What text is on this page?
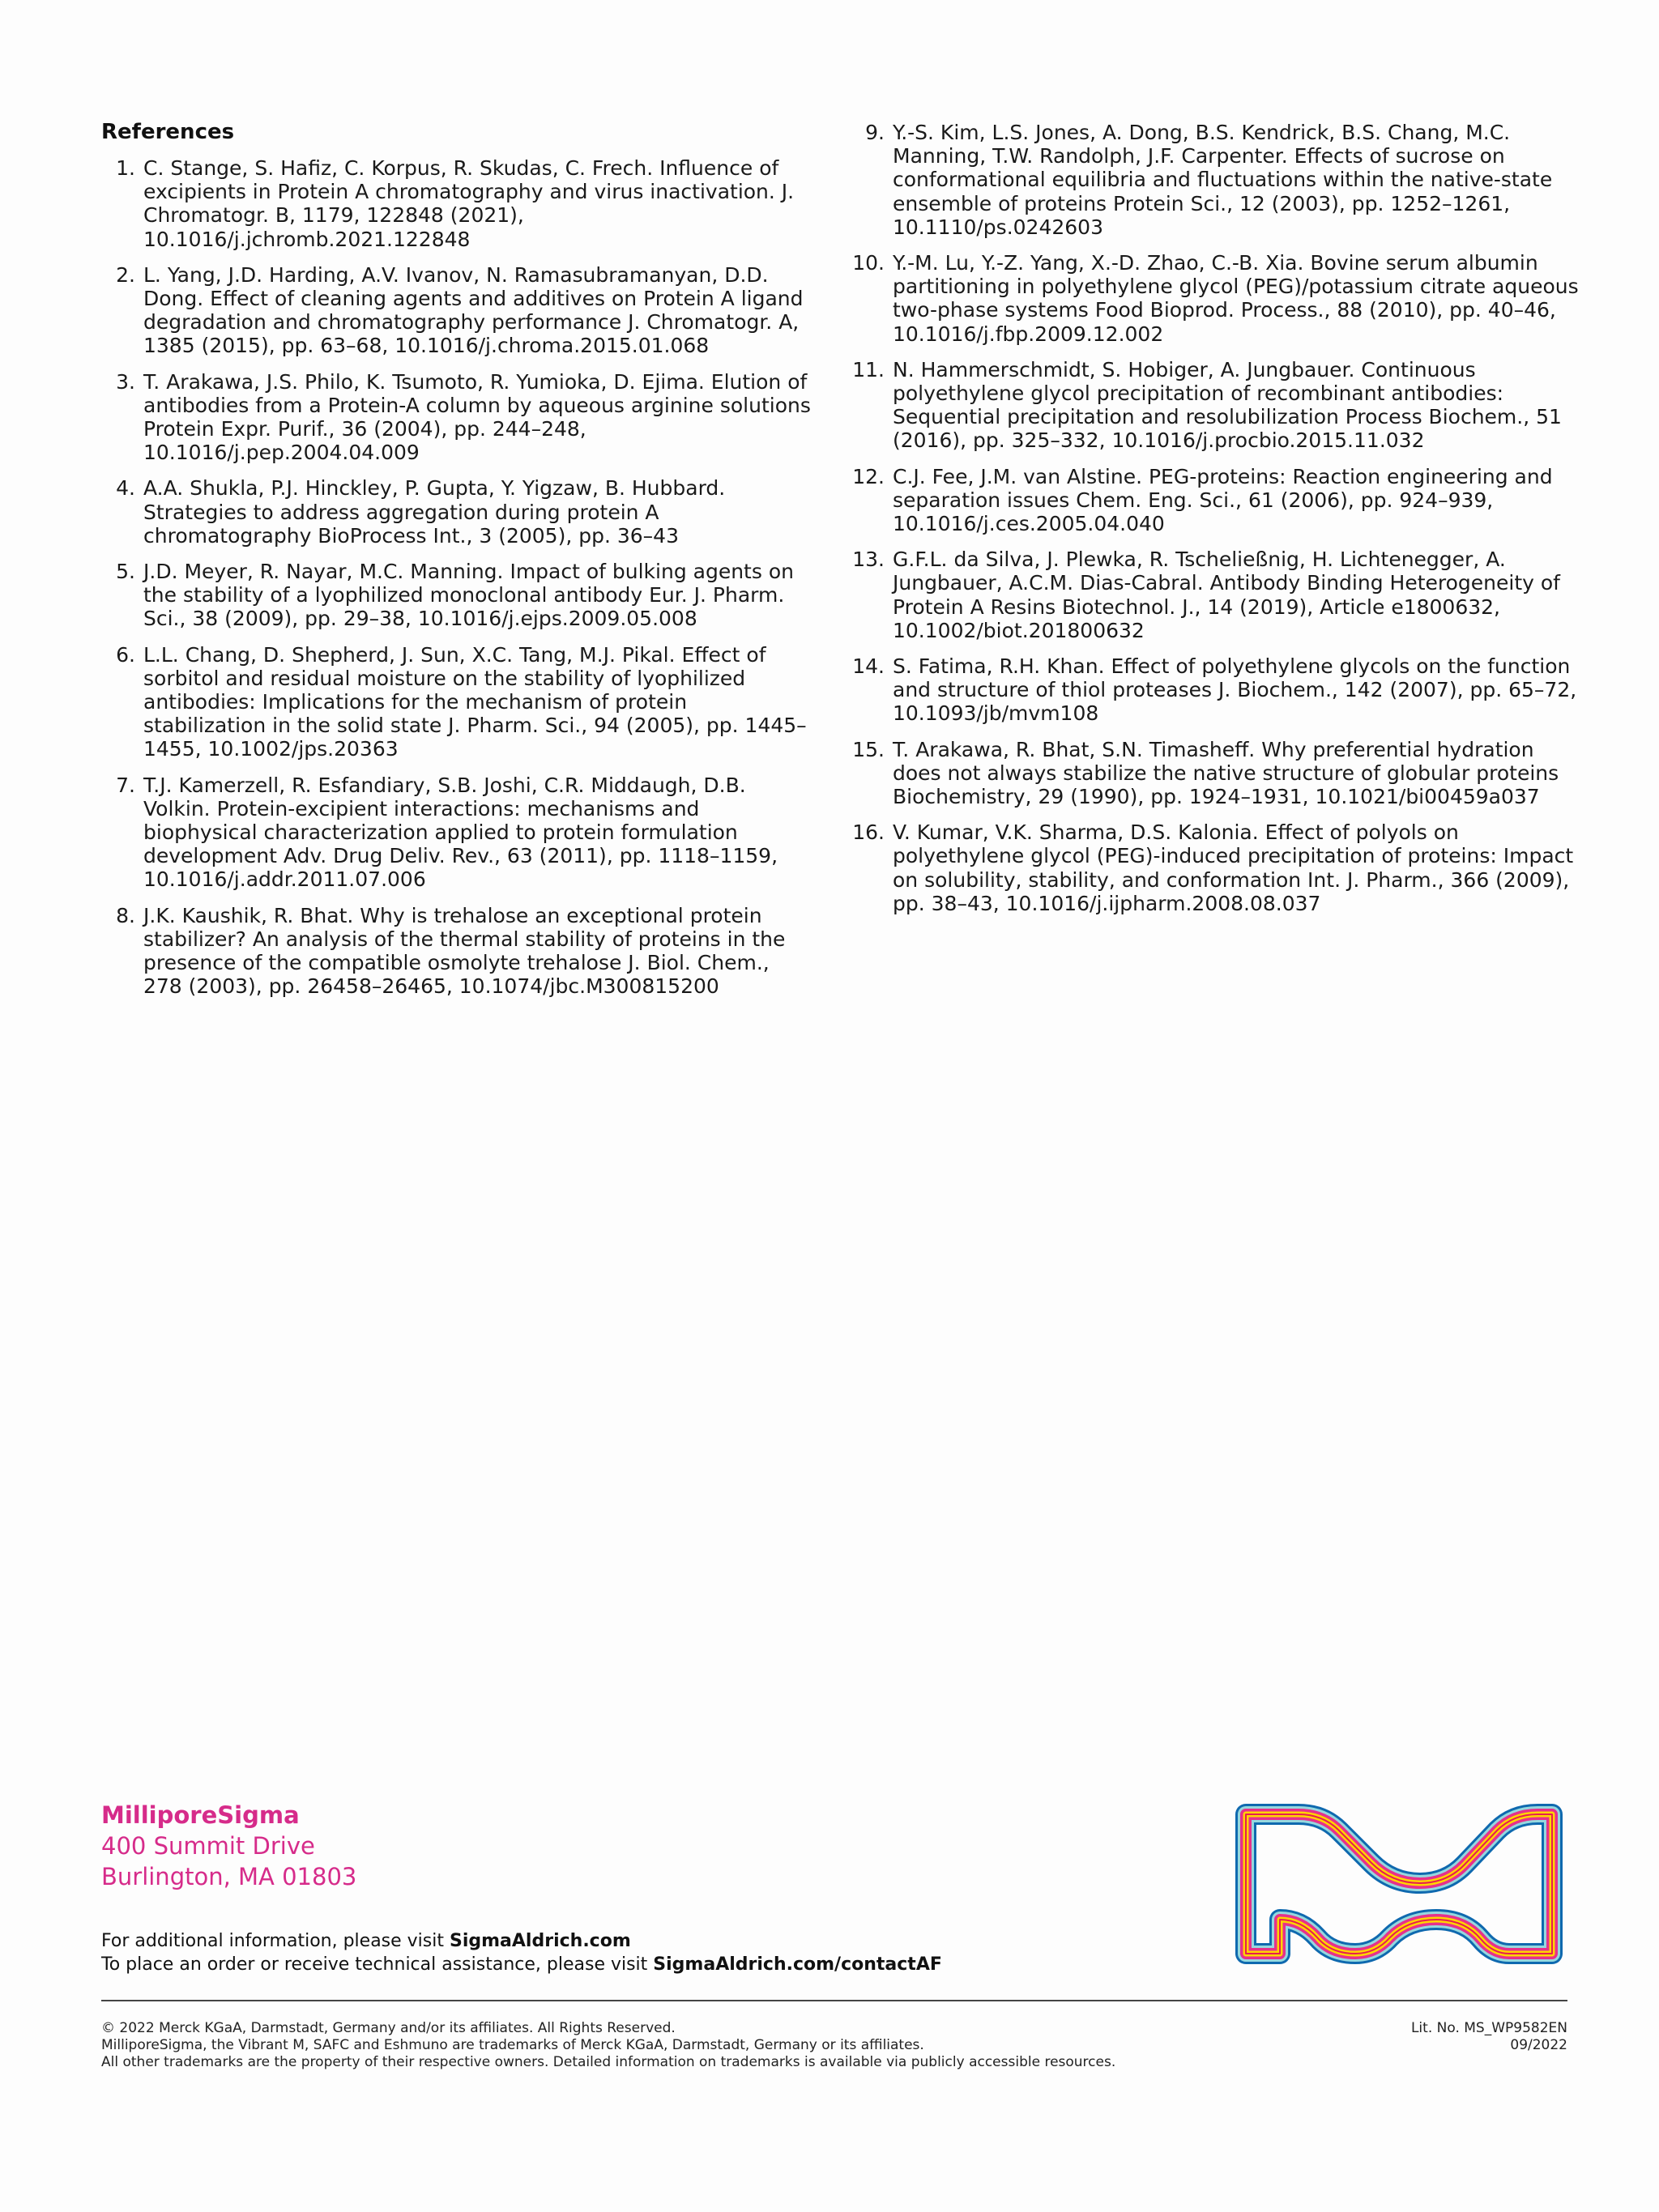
References
1. C. Stange, S. Hafiz, C. Korpus, R. Skudas, C. Frech. Influence of excipients in Protein A chromatography and virus inactivation. J. Chromatogr. B, 1179, 122848 (2021), 10.1016/j.jchromb.2021.122848
2. L. Yang, J.D. Harding, A.V. Ivanov, N. Ramasubramanyan, D.D. Dong. Effect of cleaning agents and additives on Protein A ligand degradation and chromatography performance J. Chromatogr. A, 1385 (2015), pp. 63–68, 10.1016/j.chroma.2015.01.068
3. T. Arakawa, J.S. Philo, K. Tsumoto, R. Yumioka, D. Ejima. Elution of antibodies from a Protein-A column by aqueous arginine solutions Protein Expr. Purif., 36 (2004), pp. 244–248, 10.1016/j.pep.2004.04.009
4. A.A. Shukla, P.J. Hinckley, P. Gupta, Y. Yigzaw, B. Hubbard. Strategies to address aggregation during protein A chromatography BioProcess Int., 3 (2005), pp. 36–43
5. J.D. Meyer, R. Nayar, M.C. Manning. Impact of bulking agents on the stability of a lyophilized monoclonal antibody Eur. J. Pharm. Sci., 38 (2009), pp. 29–38, 10.1016/j.ejps.2009.05.008
6. L.L. Chang, D. Shepherd, J. Sun, X.C. Tang, M.J. Pikal. Effect of sorbitol and residual moisture on the stability of lyophilized antibodies: Implications for the mechanism of protein stabilization in the solid state J. Pharm. Sci., 94 (2005), pp. 1445–1455, 10.1002/jps.20363
7. T.J. Kamerzell, R. Esfandiary, S.B. Joshi, C.R. Middaugh, D.B. Volkin. Protein-excipient interactions: mechanisms and biophysical characterization applied to protein formulation development Adv. Drug Deliv. Rev., 63 (2011), pp. 1118–1159, 10.1016/j.addr.2011.07.006
8. J.K. Kaushik, R. Bhat. Why is trehalose an exceptional protein stabilizer? An analysis of the thermal stability of proteins in the presence of the compatible osmolyte trehalose J. Biol. Chem., 278 (2003), pp. 26458–26465, 10.1074/jbc.M300815200
9. Y.-S. Kim, L.S. Jones, A. Dong, B.S. Kendrick, B.S. Chang, M.C. Manning, T.W. Randolph, J.F. Carpenter. Effects of sucrose on conformational equilibria and fluctuations within the native-state ensemble of proteins Protein Sci., 12 (2003), pp. 1252–1261, 10.1110/ps.0242603
10. Y.-M. Lu, Y.-Z. Yang, X.-D. Zhao, C.-B. Xia. Bovine serum albumin partitioning in polyethylene glycol (PEG)/potassium citrate aqueous two-phase systems Food Bioprod. Process., 88 (2010), pp. 40–46, 10.1016/j.fbp.2009.12.002
11. N. Hammerschmidt, S. Hobiger, A. Jungbauer. Continuous polyethylene glycol precipitation of recombinant antibodies: Sequential precipitation and resolubilization Process Biochem., 51 (2016), pp. 325–332, 10.1016/j.procbio.2015.11.032
12. C.J. Fee, J.M. van Alstine. PEG-proteins: Reaction engineering and separation issues Chem. Eng. Sci., 61 (2006), pp. 924–939, 10.1016/j.ces.2005.04.040
13. G.F.L. da Silva, J. Plewka, R. Tscheließnig, H. Lichtenegger, A. Jungbauer, A.C.M. Dias-Cabral. Antibody Binding Heterogeneity of Protein A Resins Biotechnol. J., 14 (2019), Article e1800632, 10.1002/biot.201800632
14. S. Fatima, R.H. Khan. Effect of polyethylene glycols on the function and structure of thiol proteases J. Biochem., 142 (2007), pp. 65–72, 10.1093/jb/mvm108
15. T. Arakawa, R. Bhat, S.N. Timasheff. Why preferential hydration does not always stabilize the native structure of globular proteins Biochemistry, 29 (1990), pp. 1924–1931, 10.1021/bi00459a037
16. V. Kumar, V.K. Sharma, D.S. Kalonia. Effect of polyols on polyethylene glycol (PEG)-induced precipitation of proteins: Impact on solubility, stability, and conformation Int. J. Pharm., 366 (2009), pp. 38–43, 10.1016/j.ijpharm.2008.08.037
MilliporeSigma
400 Summit Drive
Burlington, MA 01803
For additional information, please visit SigmaAldrich.com
To place an order or receive technical assistance, please visit SigmaAldrich.com/contactAF
© 2022 Merck KGaA, Darmstadt, Germany and/or its affiliates. All Rights Reserved.
MilliporeSigma, the Vibrant M, SAFC and Eshmuno are trademarks of Merck KGaA, Darmstadt, Germany or its affiliates.
All other trademarks are the property of their respective owners. Detailed information on trademarks is available via publicly accessible resources.
Lit. No. MS_WP9582EN
09/2022
